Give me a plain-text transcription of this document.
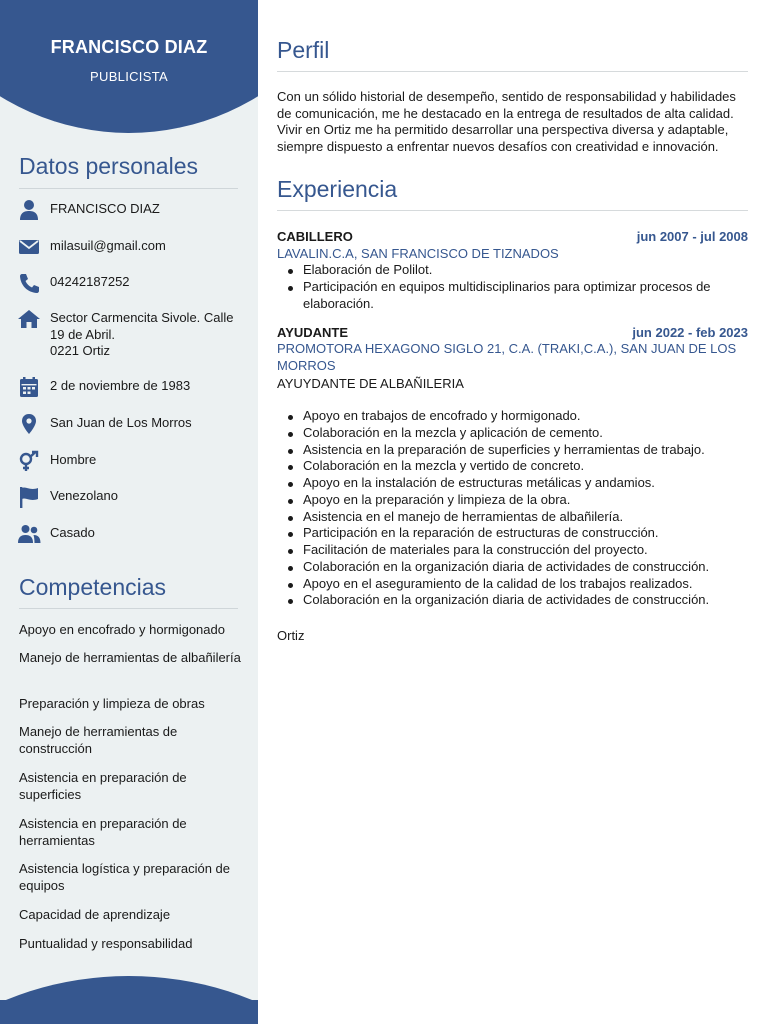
FRANCISCO DIAZ
PUBLICISTA
Datos personales
FRANCISCO DIAZ
milasuil@gmail.com
04242187252
Sector Carmencita Sivole. Calle 19 de Abril.
0221 Ortiz
2 de noviembre de 1983
San Juan de Los Morros
Hombre
Venezolano
Casado
Competencias
Apoyo en encofrado y hormigonado
Manejo de herramientas de albañilería
Preparación y limpieza de obras
Manejo de herramientas de construcción
Asistencia en preparación de superficies
Asistencia en preparación de herramientas
Asistencia logística y preparación de equipos
Capacidad de aprendizaje
Puntualidad y responsabilidad
Perfil
Con un sólido historial de desempeño, sentido de responsabilidad y habilidades de comunicación, me he destacado en la entrega de resultados de alta calidad. Vivir en Ortiz me ha permitido desarrollar una perspectiva diversa y adaptable, siempre dispuesto a enfrentar nuevos desafíos con creatividad e innovación.
Experiencia
CABILLERO	jun 2007 - jul 2008
LAVALIN.C.A, SAN FRANCISCO DE TIZNADOS
Elaboración de Polilot.
Participación en equipos multidisciplinarios para optimizar procesos de elaboración.
AYUDANTE	jun 2022 - feb 2023
PROMOTORA HEXAGONO SIGLO 21, C.A. (TRAKI,C.A.), SAN JUAN DE LOS MORROS
AYUYDANTE DE ALBAÑILERIA
Apoyo en trabajos de encofrado y hormigonado.
Colaboración en la mezcla y aplicación de cemento.
Asistencia en la preparación de superficies y herramientas de trabajo.
Colaboración en la mezcla y vertido de concreto.
Apoyo en la instalación de estructuras metálicas y andamios.
Apoyo en la preparación y limpieza de la obra.
Asistencia en el manejo de herramientas de albañilería.
Participación en la reparación de estructuras de construcción.
Facilitación de materiales para la construcción del proyecto.
Colaboración en la organización diaria de actividades de construcción.
Apoyo en el aseguramiento de la calidad de los trabajos realizados.
Colaboración en la organización diaria de actividades de construcción.
Ortiz
